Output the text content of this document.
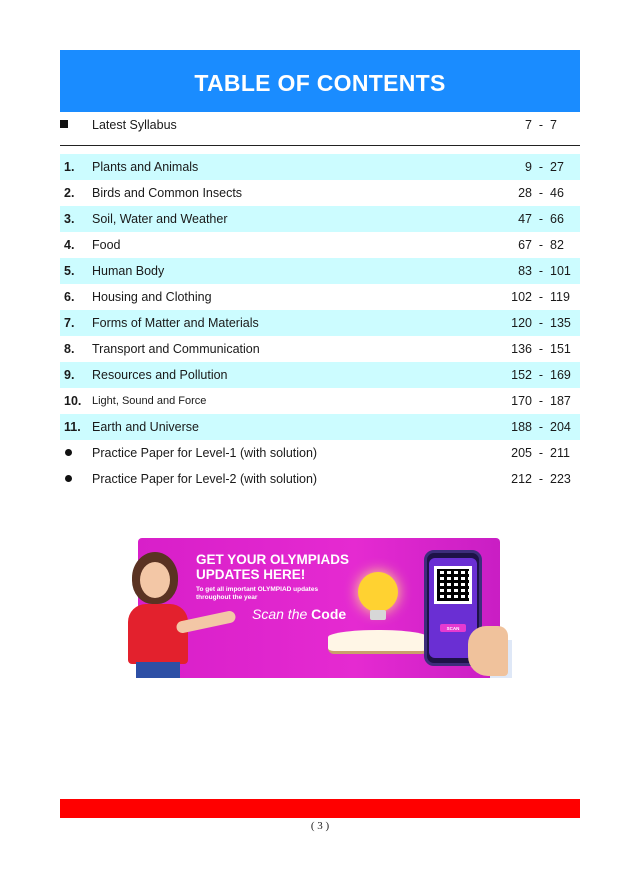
TABLE OF CONTENTS
Latest Syllabus	7 - 7
1. Plants and Animals	9 - 27
2. Birds and Common Insects	28 - 46
3. Soil, Water and Weather	47 - 66
4. Food	67 - 82
5. Human Body	83 - 101
6. Housing and Clothing	102 - 119
7. Forms of Matter and Materials	120 - 135
8. Transport and Communication	136 - 151
9. Resources and Pollution	152 - 169
10. Light, Sound and Force	170 - 187
11. Earth and Universe	188 - 204
Practice Paper for Level-1 (with solution)	205 - 211
Practice Paper for Level-2 (with solution)	212 - 223
GET YOUR OLYMPIADS UPDATES HERE!
To get all important OLYMPIAD updates throughout the year
Scan the Code
SCAN
( 3 )
